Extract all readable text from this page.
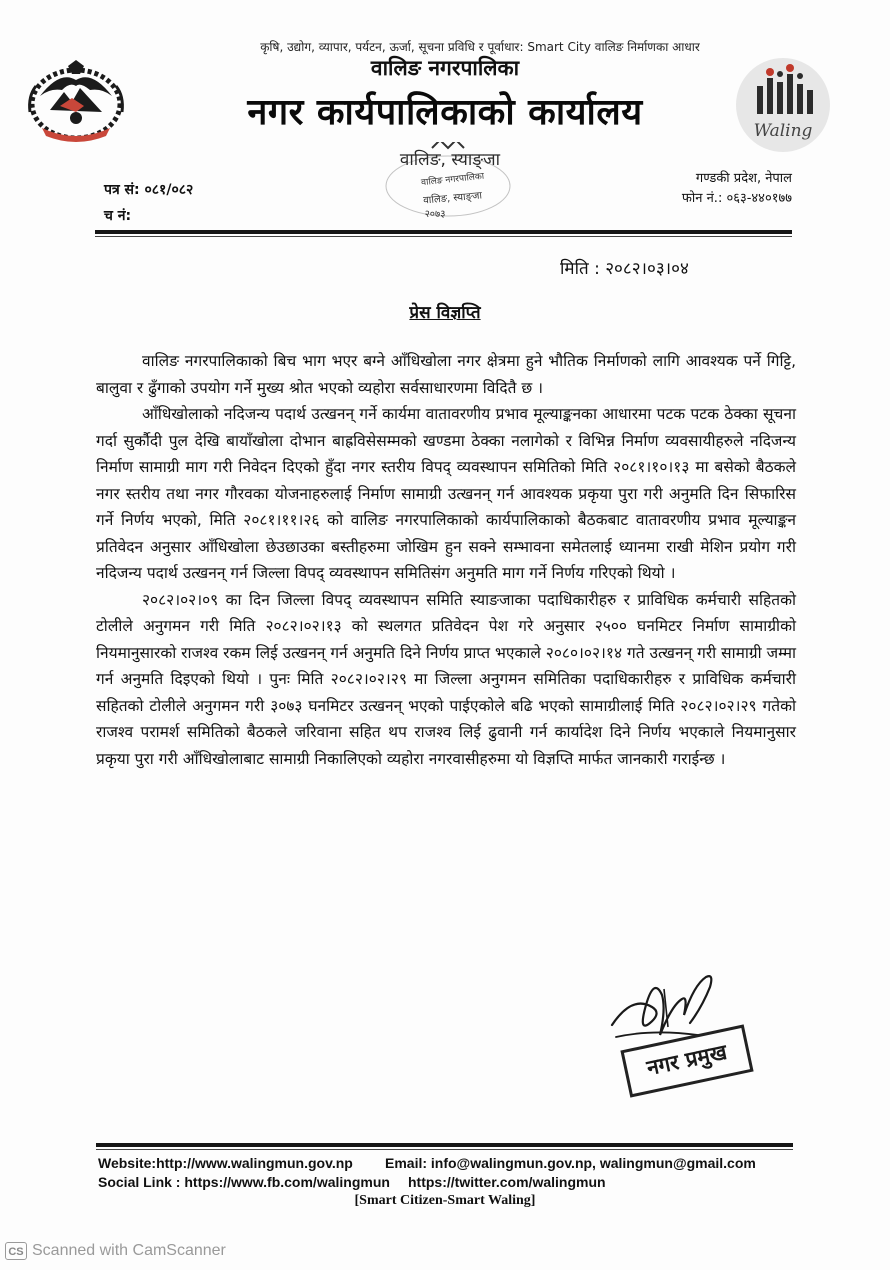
Waling
कृषि, उद्योग, व्यापार, पर्यटन, ऊर्जा, सूचना प्रविधि र पूर्वाधार: Smart City वालिङ निर्माणका आधार
वालिङ नगरपालिका
नगर कार्यपालिकाको कार्यालय
वालिङ, स्याङ्जा
वालिङ नगरपालिका
वालिङ, स्याङ्जा
२०७३
पत्र सं: ०८१/०८२
च नं:
गण्डकी प्रदेश, नेपाल
फोन नं.: ०६३-४४०१७७
मिति : २०८२।०३।०४
प्रेस विज्ञप्ति

वालिङ नगरपालिकाको बिच भाग भएर बग्ने आँधिखोला नगर क्षेत्रमा हुने भौतिक निर्माणको लागि आवश्यक पर्ने गिट्टि, बालुवा र ढुँगाको उपयोग गर्ने मुख्य श्रोत भएको व्यहोरा सर्वसाधारणमा विदितै छ ।

आँधिखोलाको नदिजन्य पदार्थ उत्खनन् गर्ने कार्यमा वातावरणीय प्रभाव मूल्याङ्कनका आधारमा पटक पटक ठेक्का सूचना गर्दा सुर्कौदी पुल देखि बायाँखोला दोभान बाह्रविसेसम्मको खण्डमा ठेक्का नलागेको र विभिन्न निर्माण व्यवसायीहरुले नदिजन्य निर्माण सामाग्री माग गरी निवेदन दिएको हुँदा नगर स्तरीय विपद् व्यवस्थापन समितिको मिति २०८१।१०।१३ मा बसेको बैठकले नगर स्तरीय तथा नगर गौरवका योजनाहरुलाई निर्माण सामाग्री उत्खनन् गर्न आवश्यक प्रकृया पुरा गरी अनुमति दिन सिफारिस गर्ने निर्णय भएको, मिति २०८१।११।२६ को वालिङ नगरपालिकाको कार्यपालिकाको बैठकबाट वातावरणीय प्रभाव मूल्याङ्कन प्रतिवेदन अनुसार आँधिखोला छेउछाउका बस्तीहरुमा जोखिम हुन सक्ने सम्भावना समेतलाई ध्यानमा राखी मेशिन प्रयोग गरी नदिजन्य पदार्थ उत्खनन् गर्न जिल्ला विपद् व्यवस्थापन समितिसंग अनुमति माग गर्ने निर्णय गरिएको थियो ।

२०८२।०२।०९ का दिन जिल्ला विपद् व्यवस्थापन समिति स्याङजाका पदाधिकारीहरु र प्राविधिक कर्मचारी सहितको टोलीले अनुगमन गरी मिति २०८२।०२।१३ को स्थलगत प्रतिवेदन पेश गरे अनुसार २५०० घनमिटर निर्माण सामाग्रीको नियमानुसारको राजश्व रकम लिई उत्खनन् गर्न अनुमति दिने निर्णय प्राप्त भएकाले २०८०।०२।१४ गते उत्खनन् गरी सामाग्री जम्मा गर्न अनुमति दिइएको थियो । पुनः मिति २०८२।०२।२९ मा जिल्ला अनुगमन समितिका पदाधिकारीहरु र प्राविधिक कर्मचारी सहितको टोलीले अनुगमन गरी ३०७३ घनमिटर उत्खनन् भएको पाईएकोले बढि भएको सामाग्रीलाई मिति २०८२।०२।२९ गतेको राजश्व परामर्श समितिको बैठकले जरिवाना सहित थप राजश्व लिई ढुवानी गर्न कार्यादेश दिने निर्णय भएकाले नियमानुसार प्रकृया पुरा गरी आँधिखोलाबाट सामाग्री निकालिएको व्यहोरा नगरवासीहरुमा यो विज्ञप्ति मार्फत जानकारी गराईन्छ ।

नगर प्रमुख
Website:http://www.walingmun.gov.np Email: info@walingmun.gov.np, walingmun@gmail.com
Social Link : https://www.fb.com/walingmun https://twitter.com/walingmun
[Smart Citizen-Smart Waling]
CS Scanned with CamScanner
